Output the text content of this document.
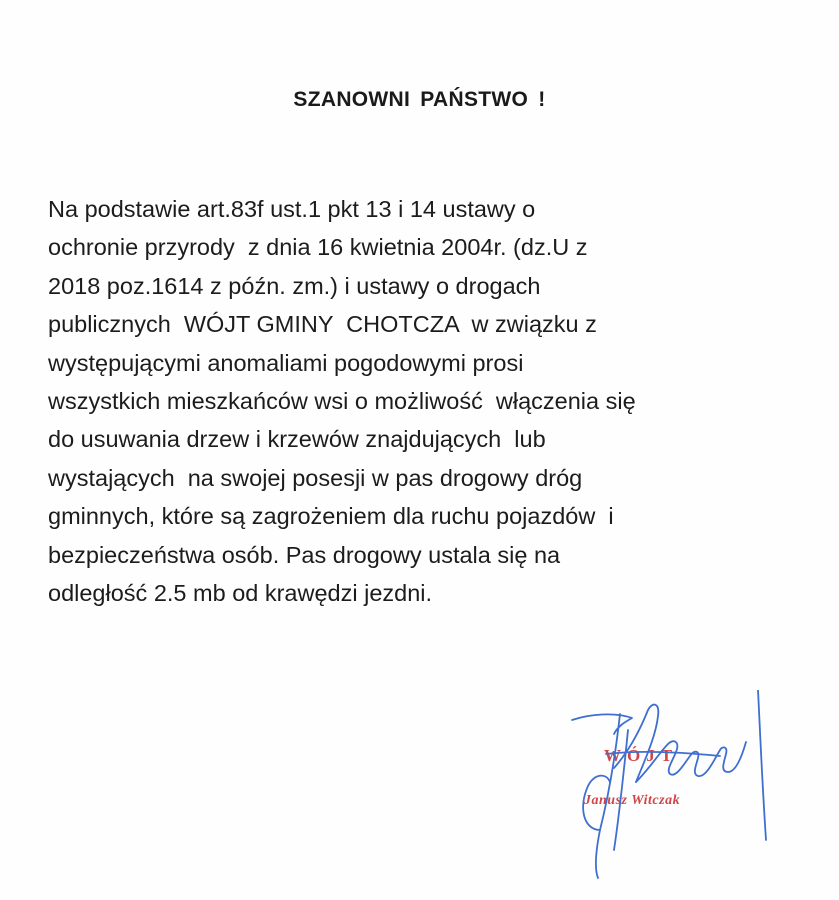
SZANOWNI PAŃSTWO !
Na podstawie art.83f ust.1 pkt 13 i 14 ustawy o
ochronie przyrody  z dnia 16 kwietnia 2004r. (dz.U z
2018 poz.1614 z późn. zm.) i ustawy o drogach
publicznych  WÓJT GMINY  CHOTCZA  w związku z
występującymi anomaliami pogodowymi prosi
wszystkich mieszkańców wsi o możliwość  włączenia się
do usuwania drzew i krzewów znajdujących  lub
wystających  na swojej posesji w pas drogowy dróg
gminnych, które są zagrożeniem dla ruchu pojazdów  i
bezpieczeństwa osób. Pas drogowy ustala się na
odległość 2.5 mb od krawędzi jezdni.
WÓJT
Janusz Witczak
